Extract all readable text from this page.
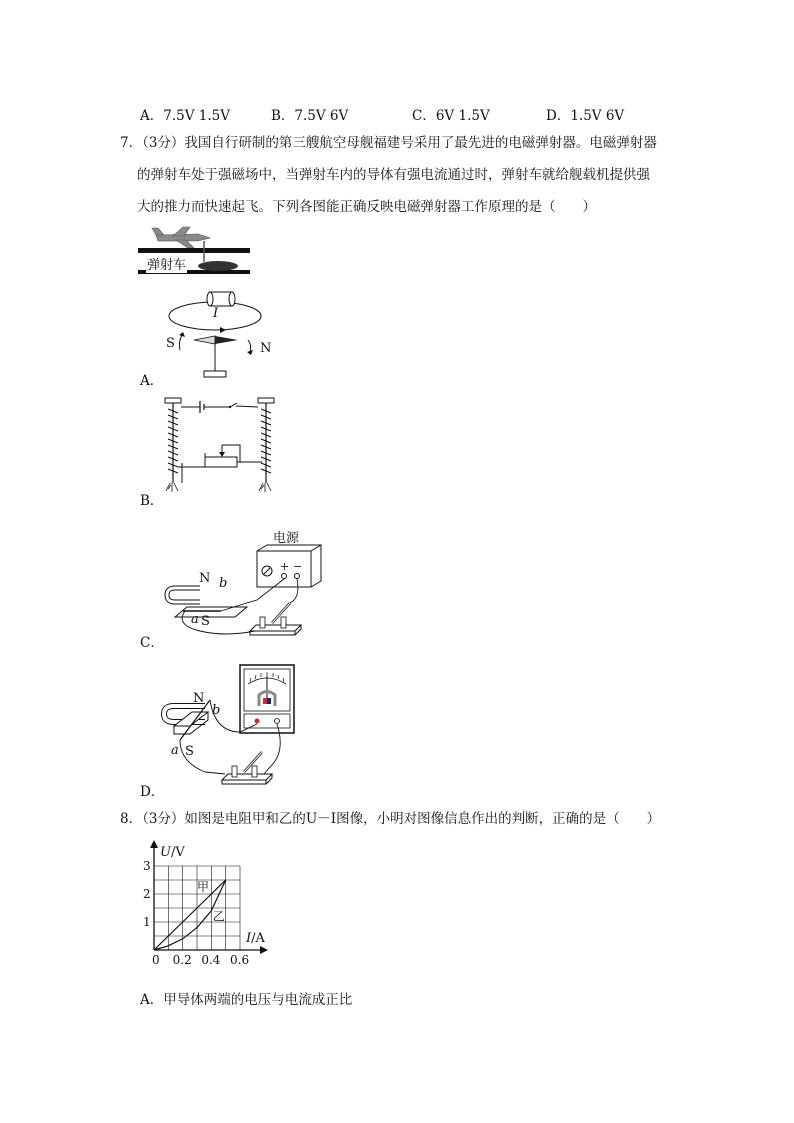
A．7.5V 1.5V	B．7.5V 6V	C．6V 1.5V	D．1.5V 6V
7．（3分）我国自行研制的第三艘航空母舰福建号采用了最先进的电磁弹射器。电磁弹射器
的弹射车处于强磁场中，当弹射车内的导体有强电流通过时，弹射车就给舰载机提供强
大的推力而快速起飞。下列各图能正确反映电磁弹射器工作原理的是（　　）
弹射车
I
S	N
A．
B．
电源
+ −
N b
a S
C．
N
b
a S
D．
8．（3分）如图是电阻甲和乙的U－I图像，小明对图像信息作出的判断，正确的是（　　）
甲
乙
0 0.2 0.4 0.6
1
2
3
U/V
I/A
A．甲导体两端的电压与电流成正比
